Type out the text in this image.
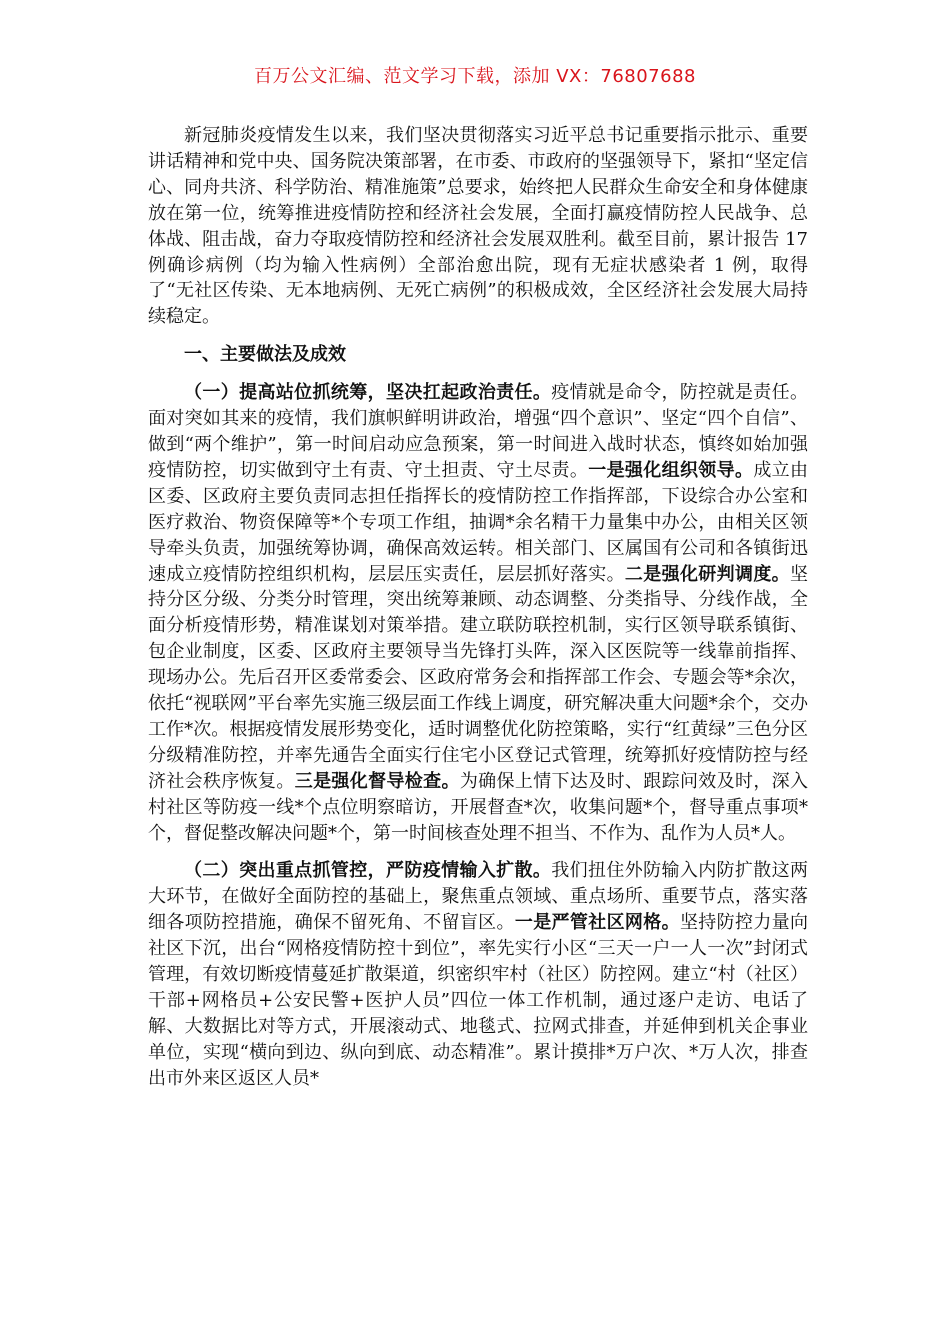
百万公文汇编、范文学习下载，添加 VX：76807688

新冠肺炎疫情发生以来，我们坚决贯彻落实习近平总书记重要指示批示、重要讲话精神和党中央、国务院决策部署，在市委、市政府的坚强领导下，紧扣“坚定信心、同舟共济、科学防治、精准施策”总要求，始终把人民群众生命安全和身体健康放在第一位，统筹推进疫情防控和经济社会发展，全面打赢疫情防控人民战争、总体战、阻击战，奋力夺取疫情防控和经济社会发展双胜利。截至目前，累计报告 17 例确诊病例（均为输入性病例）全部治愈出院，现有无症状感染者 1 例，取得了“无社区传染、无本地病例、无死亡病例”的积极成效，全区经济社会发展大局持续稳定。

一、主要做法及成效

（一）提高站位抓统筹，坚决扛起政治责任。疫情就是命令，防控就是责任。面对突如其来的疫情，我们旗帜鲜明讲政治，增强“四个意识”、坚定“四个自信”、做到“两个维护”，第一时间启动应急预案，第一时间进入战时状态，慎终如始加强疫情防控，切实做到守土有责、守土担责、守土尽责。一是强化组织领导。成立由区委、区政府主要负责同志担任指挥长的疫情防控工作指挥部，下设综合办公室和医疗救治、物资保障等*个专项工作组，抽调*余名精干力量集中办公，由相关区领导牵头负责，加强统筹协调，确保高效运转。相关部门、区属国有公司和各镇街迅速成立疫情防控组织机构，层层压实责任，层层抓好落实。二是强化研判调度。坚持分区分级、分类分时管理，突出统筹兼顾、动态调整、分类指导、分线作战，全面分析疫情形势，精准谋划对策举措。建立联防联控机制，实行区领导联系镇街、包企业制度，区委、区政府主要领导当先锋打头阵，深入区医院等一线靠前指挥、现场办公。先后召开区委常委会、区政府常务会和指挥部工作会、专题会等*余次，依托“视联网”平台率先实施三级层面工作线上调度，研究解决重大问题*余个，交办工作*次。根据疫情发展形势变化，适时调整优化防控策略，实行“红黄绿”三色分区分级精准防控，并率先通告全面实行住宅小区登记式管理，统筹抓好疫情防控与经济社会秩序恢复。三是强化督导检查。为确保上情下达及时、跟踪问效及时，深入村社区等防疫一线*个点位明察暗访，开展督查*次，收集问题*个，督导重点事项*个，督促整改解决问题*个，第一时间核查处理不担当、不作为、乱作为人员*人。

（二）突出重点抓管控，严防疫情输入扩散。我们扭住外防输入内防扩散这两大环节，在做好全面防控的基础上，聚焦重点领域、重点场所、重要节点，落实落细各项防控措施，确保不留死角、不留盲区。一是严管社区网格。坚持防控力量向社区下沉，出台“网格疫情防控十到位”，率先实行小区“三天一户一人一次”封闭式管理，有效切断疫情蔓延扩散渠道，织密织牢村（社区）防控网。建立“村（社区）干部+网格员+公安民警+医护人员”四位一体工作机制，通过逐户走访、电话了解、大数据比对等方式，开展滚动式、地毯式、拉网式排查，并延伸到机关企事业单位，实现“横向到边、纵向到底、动态精准”。累计摸排*万户次、*万人次，排查出市外来区返区人员*
